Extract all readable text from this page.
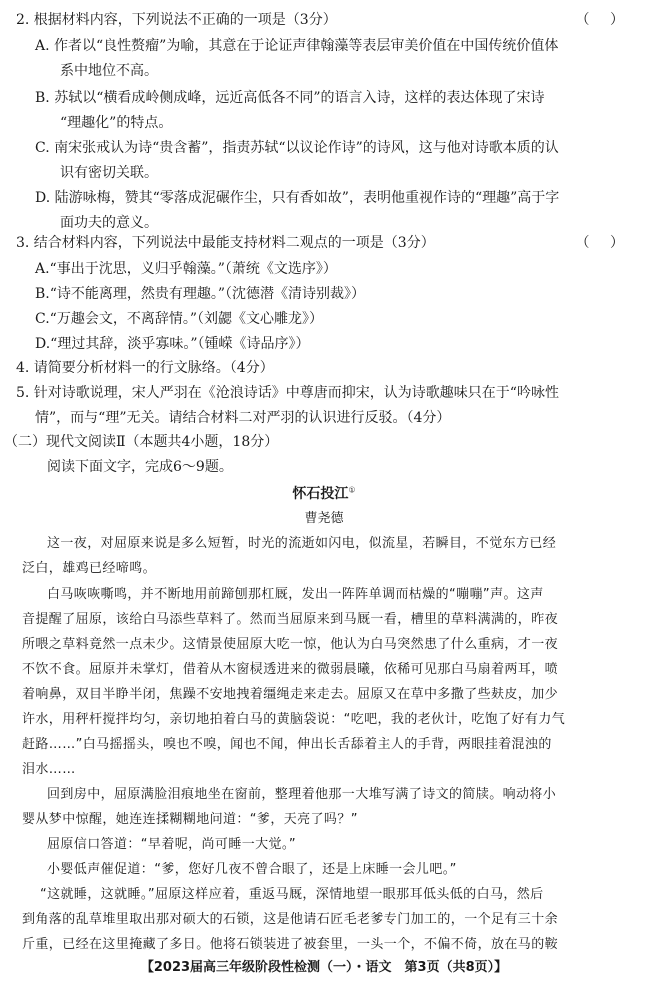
2. 根据材料内容，下列说法不正确的一项是（3分）	（ ）
A. 作者以“良性赘瘤”为喻，其意在于论证声律翰藻等表层审美价值在中国传统价值体
系中地位不高。
B. 苏轼以“横看成岭侧成峰，远近高低各不同”的语言入诗，这样的表达体现了宋诗
“理趣化”的特点。
C. 南宋张戒认为诗“贵含蓄”，指责苏轼“以议论作诗”的诗风，这与他对诗歌本质的认
识有密切关联。
D. 陆游咏梅，赞其“零落成泥碾作尘，只有香如故”，表明他重视作诗的“理趣”高于字
面功夫的意义。
3. 结合材料内容，下列说法中最能支持材料二观点的一项是（3分）	（ ）
A.“事出于沈思，义归乎翰藻。”（萧统《文选序》）
B.“诗不能离理，然贵有理趣。”（沈德潜《清诗别裁》）
C.“万趣会文，不离辞情。”（刘勰《文心雕龙》）
D.“理过其辞，淡乎寡味。”（锺嵘《诗品序》）
4. 请简要分析材料一的行文脉络。（4分）
5. 针对诗歌说理，宋人严羽在《沧浪诗话》中尊唐而抑宋，认为诗歌趣味只在于“吟咏性
情”，而与“理”无关。请结合材料二对严羽的认识进行反驳。（4分）
（二）现代文阅读Ⅱ（本题共4小题，18分）
阅读下面文字，完成6～9题。
怀石投江①
曹尧德
这一夜，对屈原来说是多么短暂，时光的流逝如闪电，似流星，若瞬目，不觉东方已经
泛白，雄鸡已经啼鸣。
白马咴咴嘶鸣，并不断地用前蹄刨那杠厩，发出一阵阵单调而枯燥的“嘣嘣”声。这声
音提醒了屈原，该给白马添些草料了。然而当屈原来到马厩一看，槽里的草料满满的，昨夜
所喂之草料竟然一点未少。这情景使屈原大吃一惊，他认为白马突然患了什么重病，才一夜
不饮不食。屈原并未掌灯，借着从木窗棂透进来的微弱晨曦，依稀可见那白马扇着两耳，喷
着响鼻，双目半睁半闭，焦躁不安地拽着缰绳走来走去。屈原又在草中多撒了些麸皮，加少
许水，用秤杆搅拌均匀，亲切地拍着白马的黄脑袋说：“吃吧，我的老伙计，吃饱了好有力气
赶路……”白马摇摇头，嗅也不嗅，闻也不闻，伸出长舌舔着主人的手背，两眼挂着混浊的
泪水……
回到房中，屈原满脸泪痕地坐在窗前，整理着他那一大堆写满了诗文的简牍。响动将小
婴从梦中惊醒，她连连揉糊糊地问道：“爹，天亮了吗？”
屈原信口答道：“早着呢，尚可睡一大觉。”
小婴低声催促道：“爹，您好几夜不曾合眼了，还是上床睡一会儿吧。”
“这就睡，这就睡。”屈原这样应着，重返马厩，深情地望一眼那耳低头低的白马，然后
到角落的乱草堆里取出那对硕大的石锁，这是他请石匠毛老爹专门加工的，一个足有三十余
斤重，已经在这里掩藏了多日。他将石锁装进了被套里，一头一个，不偏不倚，放在马的鞍
【2023届高三年级阶段性检测（一）・语文　第3页（共8页）】
